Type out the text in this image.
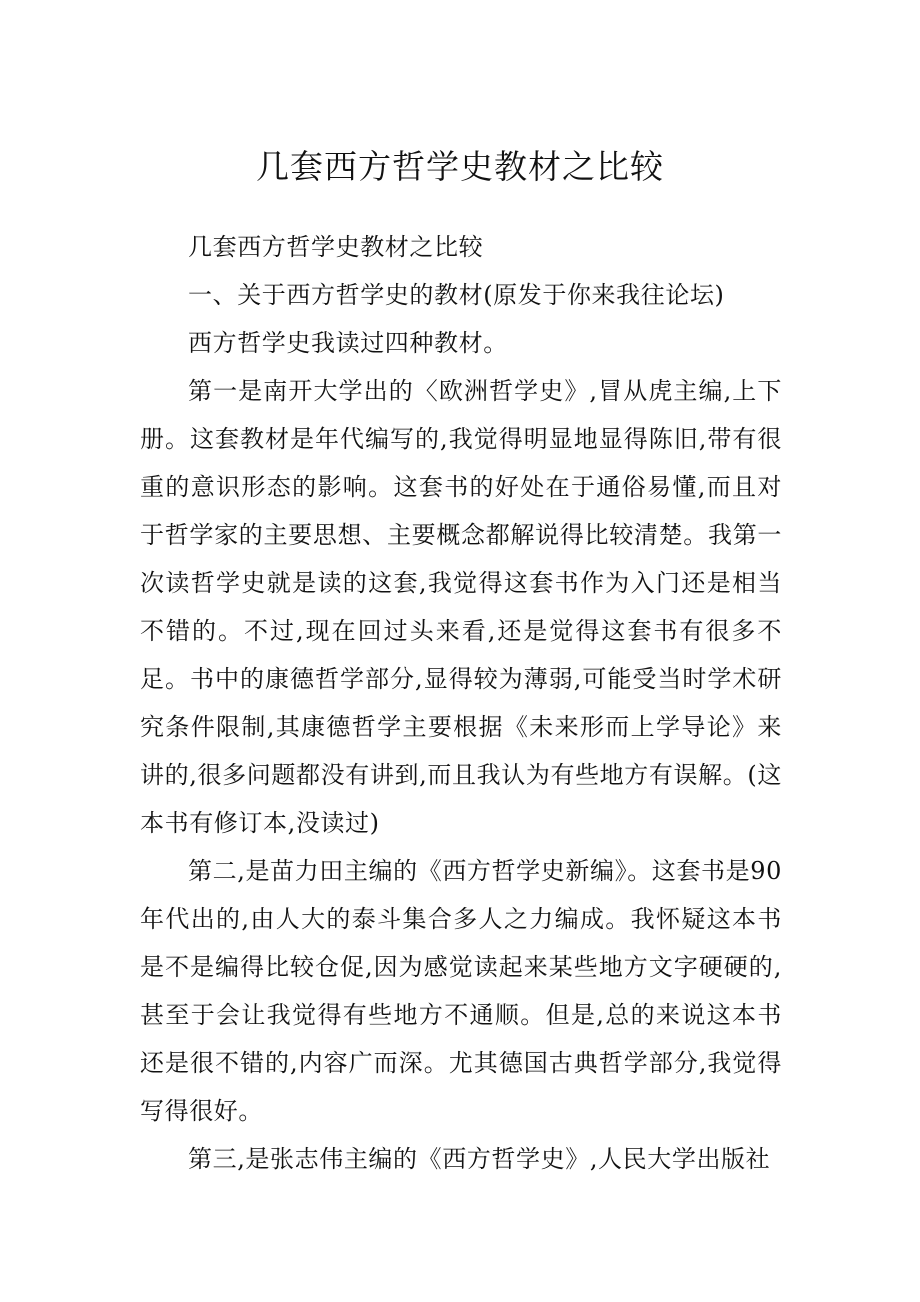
几套西方哲学史教材之比较

几套西方哲学史教材之比较

一、关于西方哲学史的教材(原发于你来我往论坛)

西方哲学史我读过四种教材。

第一是南开大学出的〈欧洲哲学史》,冒从虎主编,上下册。这套教材是年代编写的,我觉得明显地显得陈旧,带有很重的意识形态的影响。这套书的好处在于通俗易懂,而且对于哲学家的主要思想、主要概念都解说得比较清楚。我第一次读哲学史就是读的这套,我觉得这套书作为入门还是相当不错的。不过,现在回过头来看,还是觉得这套书有很多不足。书中的康德哲学部分,显得较为薄弱,可能受当时学术研究条件限制,其康德哲学主要根据《未来形而上学导论》来讲的,很多问题都没有讲到,而且我认为有些地方有误解。(这本书有修订本,没读过)

第二,是苗力田主编的《西方哲学史新编》。这套书是90年代出的,由人大的泰斗集合多人之力编成。我怀疑这本书是不是编得比较仓促,因为感觉读起来某些地方文字硬硬的,甚至于会让我觉得有些地方不通顺。但是,总的来说这本书还是很不错的,内容广而深。尤其德国古典哲学部分,我觉得写得很好。

第三,是张志伟主编的《西方哲学史》,人民大学出版社
